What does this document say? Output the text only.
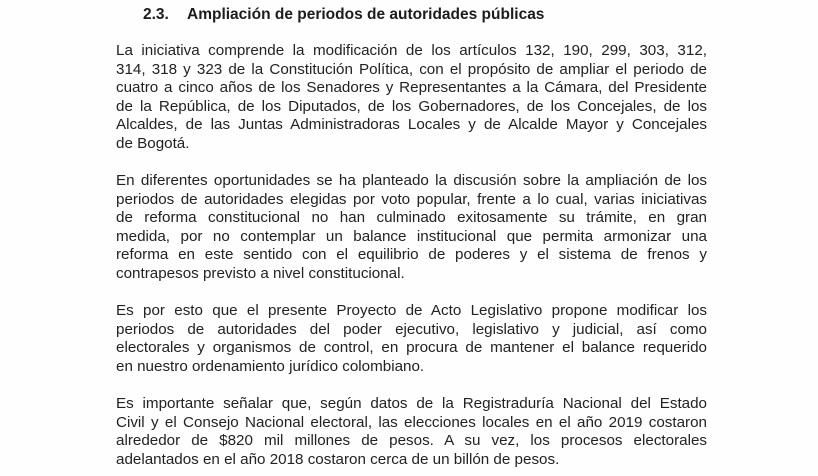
2.3. Ampliación de periodos de autoridades públicas
La iniciativa comprende la modificación de los artículos 132, 190, 299, 303, 312,
314, 318 y 323 de la Constitución Política, con el propósito de ampliar el periodo de
cuatro a cinco años de los Senadores y Representantes a la Cámara, del Presidente
de la República, de los Diputados, de los Gobernadores, de los Concejales, de los
Alcaldes, de las Juntas Administradoras Locales y de Alcalde Mayor y Concejales
de Bogotá.
En diferentes oportunidades se ha planteado la discusión sobre la ampliación de los
periodos de autoridades elegidas por voto popular, frente a lo cual, varias iniciativas
de reforma constitucional no han culminado exitosamente su trámite, en gran
medida, por no contemplar un balance institucional que permita armonizar una
reforma en este sentido con el equilibrio de poderes y el sistema de frenos y
contrapesos previsto a nivel constitucional.
Es por esto que el presente Proyecto de Acto Legislativo propone modificar los
periodos de autoridades del poder ejecutivo, legislativo y judicial, así como
electorales y organismos de control, en procura de mantener el balance requerido
en nuestro ordenamiento jurídico colombiano.
Es importante señalar que, según datos de la Registraduría Nacional del Estado
Civil y el Consejo Nacional electoral, las elecciones locales en el año 2019 costaron
alrededor de $820 mil millones de pesos. A su vez, los procesos electorales
adelantados en el año 2018 costaron cerca de un billón de pesos.
